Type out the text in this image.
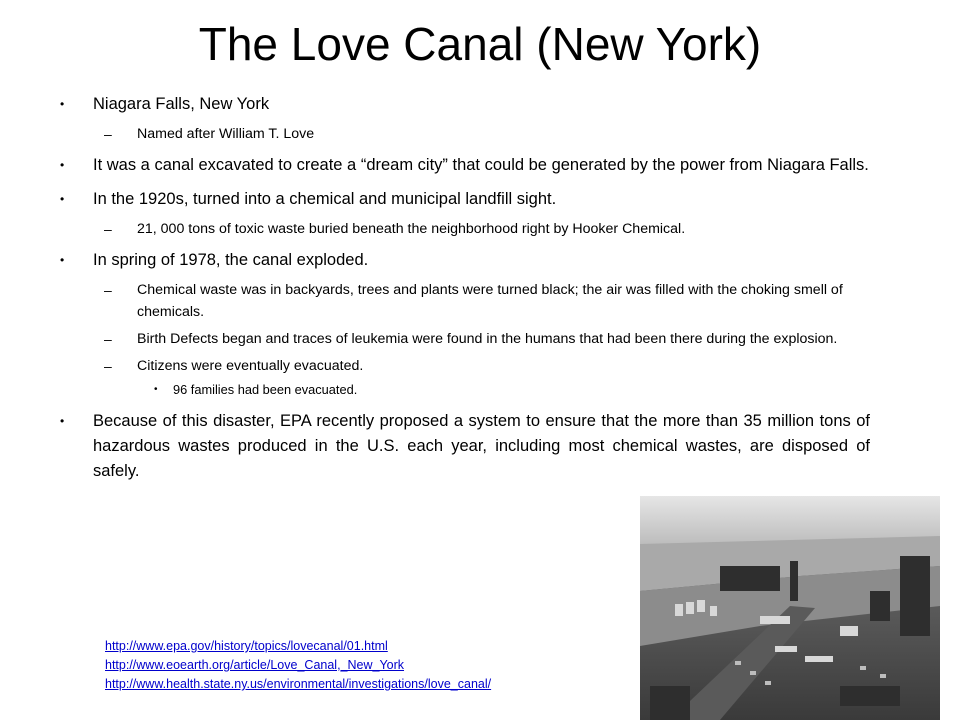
The Love Canal (New York)
• Niagara Falls, New York
– Named after William T. Love
• It was a canal excavated to create a “dream city” that could be generated by the power from Niagara Falls.
• In the 1920s, turned into a chemical and municipal landfill sight.
– 21, 000 tons of toxic waste buried beneath the neighborhood right by Hooker Chemical.
• In spring of 1978, the canal exploded.
– Chemical waste was in backyards, trees and plants were turned black; the air was filled with the choking smell of chemicals.
– Birth Defects began and traces of leukemia were found in the humans that had been there during the explosion.
– Citizens were eventually evacuated.
• 96 families had been evacuated.
• Because of this disaster, EPA recently proposed a system to ensure that the more than 35 million tons of hazardous wastes produced in the U.S. each year, including most chemical wastes, are disposed of safely.
http://www.epa.gov/history/topics/lovecanal/01.html
http://www.eoearth.org/article/Love_Canal,_New_York
http://www.health.state.ny.us/environmental/investigations/love_canal/
